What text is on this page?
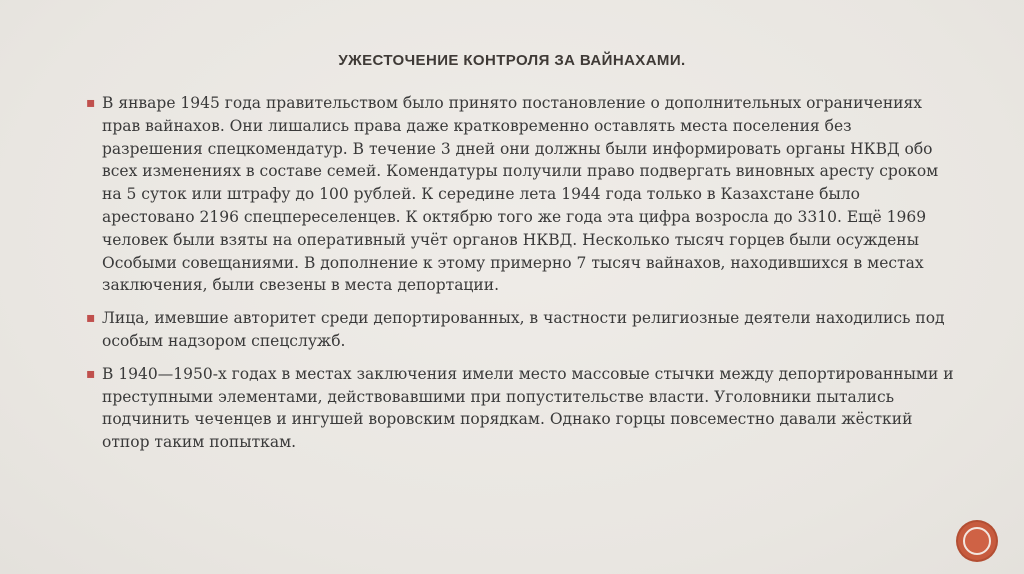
УЖЕСТОЧЕНИЕ КОНТРОЛЯ ЗА ВАЙНАХАМИ.
▪ В январе 1945 года правительством было принято постановление о дополнительных ограничениях прав вайнахов. Они лишались права даже кратковременно оставлять места поселения без разрешения спецкомендатур. В течение 3 дней они должны были информировать органы НКВД обо всех изменениях в составе семей. Комендатуры получили право подвергать виновных аресту сроком на 5 суток или штрафу до 100 рублей. К середине лета 1944 года только в Казахстане было арестовано 2196 спецпереселенцев. К октябрю того же года эта цифра возросла до 3310. Ещё 1969 человек были взяты на оперативный учёт органов НКВД. Несколько тысяч горцев были осуждены Особыми совещаниями. В дополнение к этому примерно 7 тысяч вайнахов, находившихся в местах заключения, были свезены в места депортации.
▪ Лица, имевшие авторитет среди депортированных, в частности религиозные деятели находились под особым надзором спецслужб.
▪ В 1940—1950-х годах в местах заключения имели место массовые стычки между депортированными и преступными элементами, действовавшими при попустительстве власти. Уголовники пытались подчинить чеченцев и ингушей воровским порядкам. Однако горцы повсеместно давали жёсткий отпор таким попыткам.
